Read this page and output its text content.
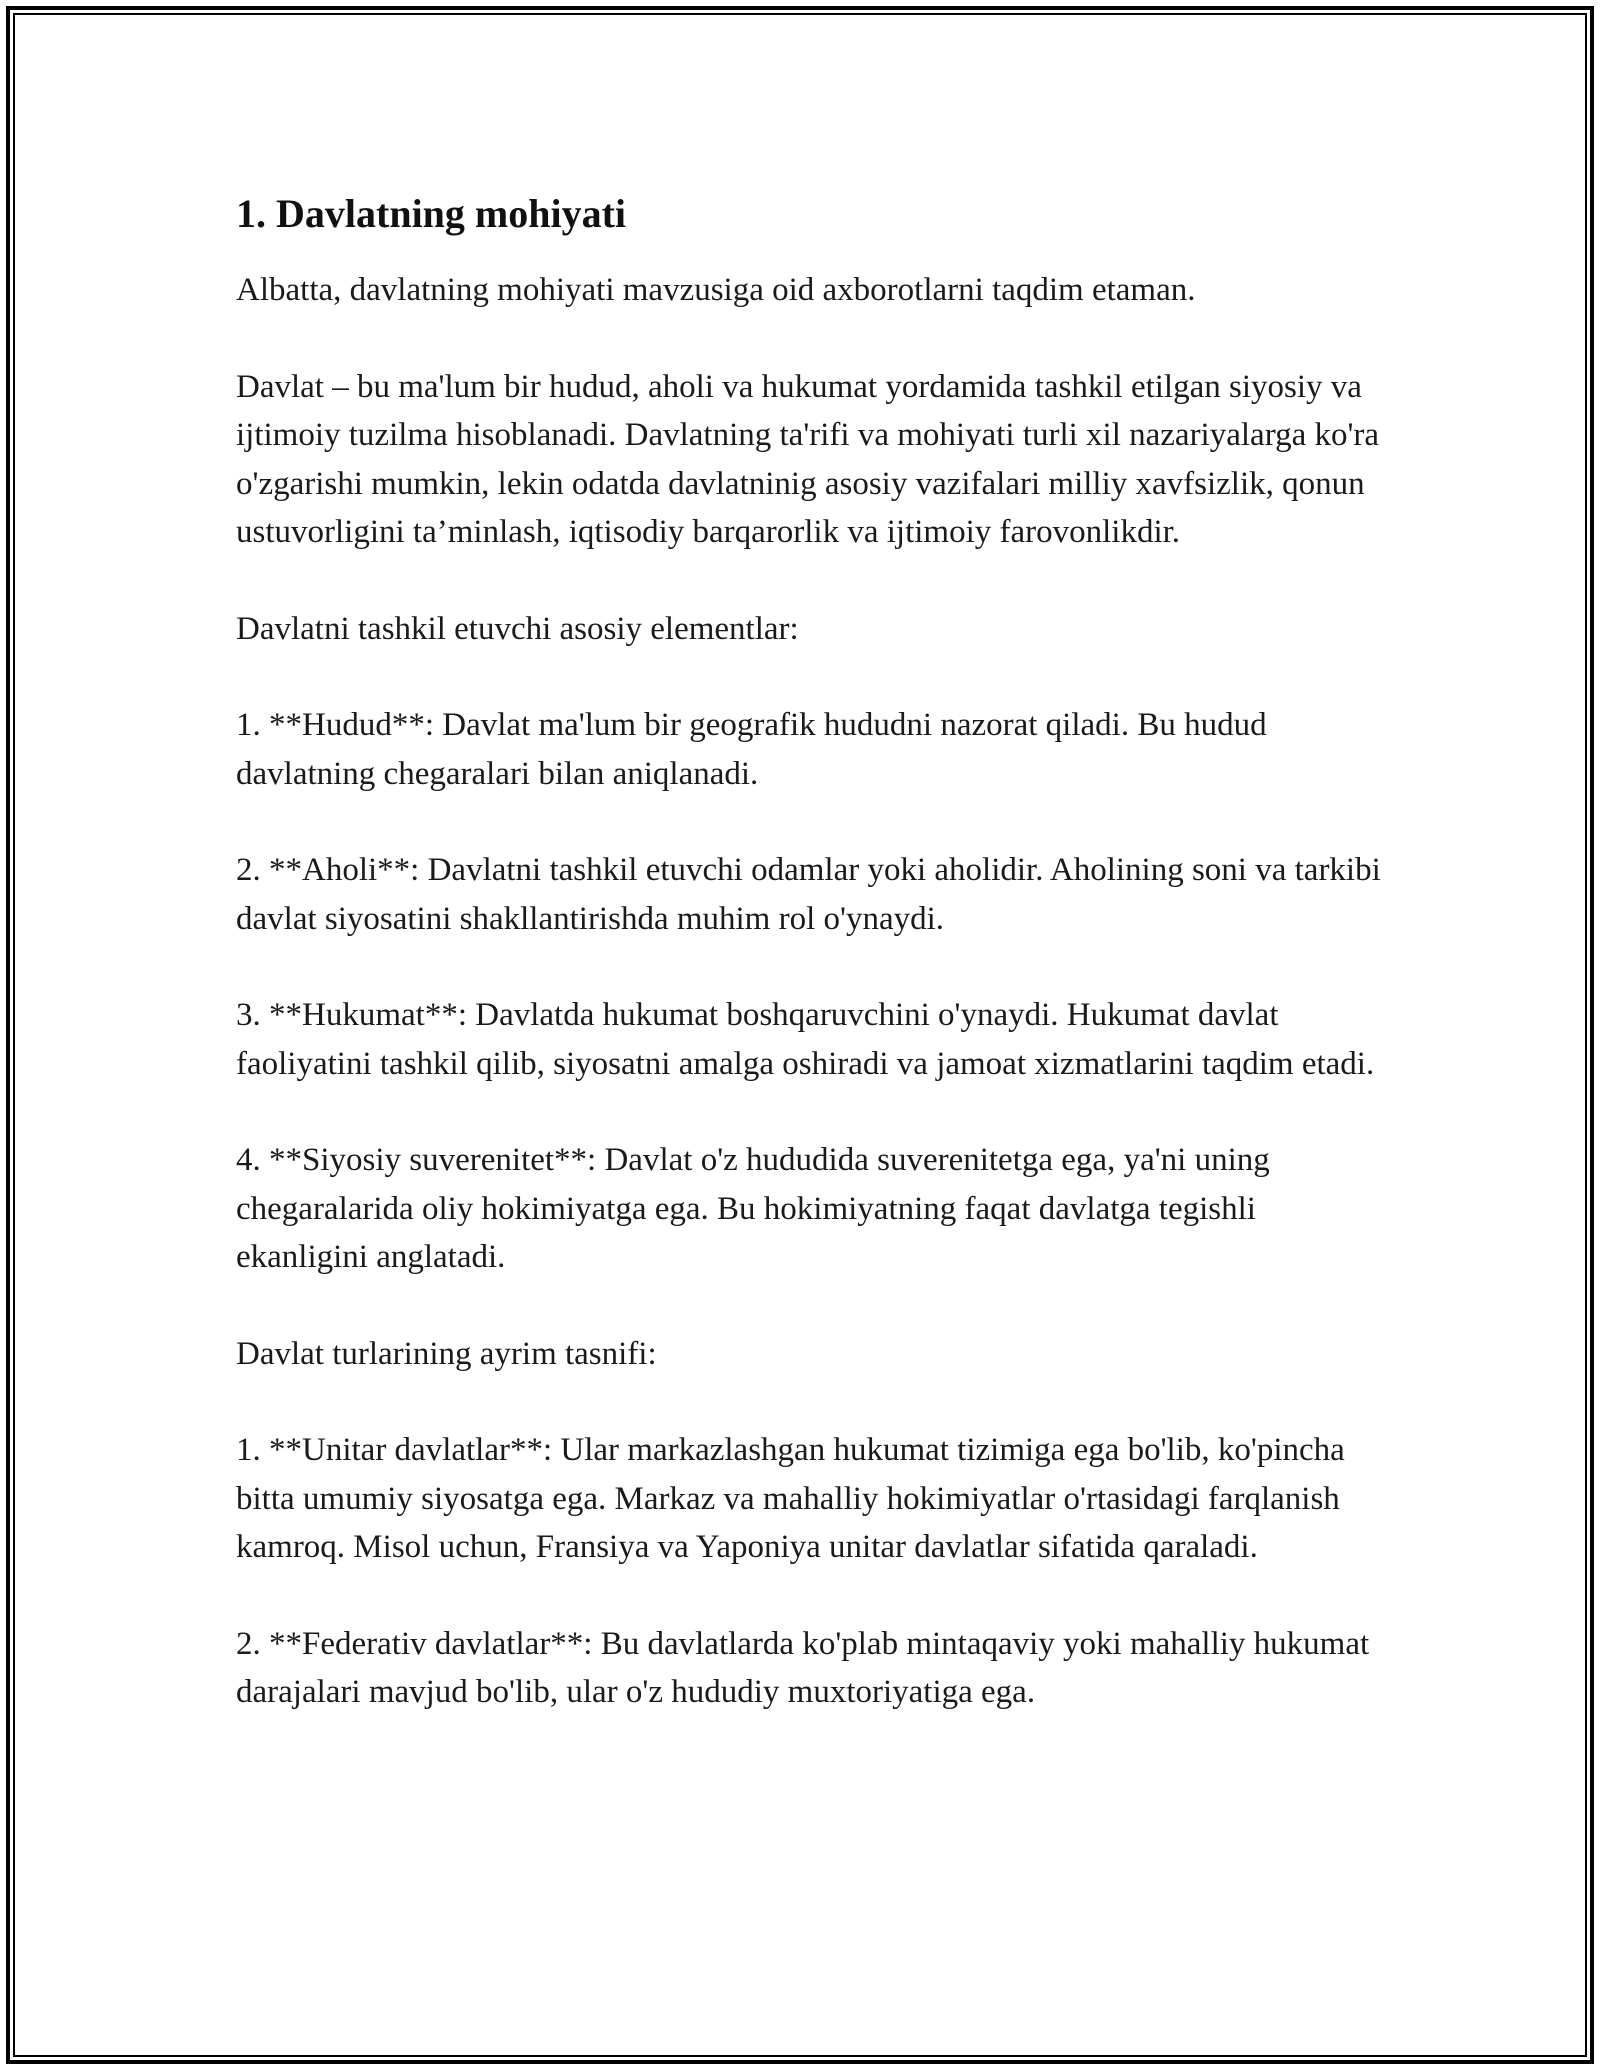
1. Davlatning mohiyati

Albatta, davlatning mohiyati mavzusiga oid axborotlarni taqdim etaman.

Davlat – bu ma'lum bir hudud, aholi va hukumat yordamida tashkil etilgan siyosiy va ijtimoiy tuzilma hisoblanadi. Davlatning ta'rifi va mohiyati turli xil nazariyalarga ko'ra o'zgarishi mumkin, lekin odatda davlatninig asosiy vazifalari milliy xavfsizlik, qonun ustuvorligini ta’minlash, iqtisodiy barqarorlik va ijtimoiy farovonlikdir.

Davlatni tashkil etuvchi asosiy elementlar:

1. **Hudud**: Davlat ma'lum bir geografik hududni nazorat qiladi. Bu hudud davlatning chegaralari bilan aniqlanadi.

2. **Aholi**: Davlatni tashkil etuvchi odamlar yoki aholidir. Aholining soni va tarkibi davlat siyosatini shakllantirishda muhim rol o'ynaydi.

3. **Hukumat**: Davlatda hukumat boshqaruvchini o'ynaydi. Hukumat davlat faoliyatini tashkil qilib, siyosatni amalga oshiradi va jamoat xizmatlarini taqdim etadi.

4. **Siyosiy suverenitet**: Davlat o'z hududida suverenitetga ega, ya'ni uning chegaralarida oliy hokimiyatga ega. Bu hokimiyatning faqat davlatga tegishli ekanligini anglatadi.

Davlat turlarining ayrim tasnifi:

1. **Unitar davlatlar**: Ular markazlashgan hukumat tizimiga ega bo'lib, ko'pincha bitta umumiy siyosatga ega. Markaz va mahalliy hokimiyatlar o'rtasidagi farqlanish kamroq. Misol uchun, Fransiya va Yaponiya unitar davlatlar sifatida qaraladi.

2. **Federativ davlatlar**: Bu davlatlarda ko'plab mintaqaviy yoki mahalliy hukumat darajalari mavjud bo'lib, ular o'z hududiy muxtoriyatiga ega.
